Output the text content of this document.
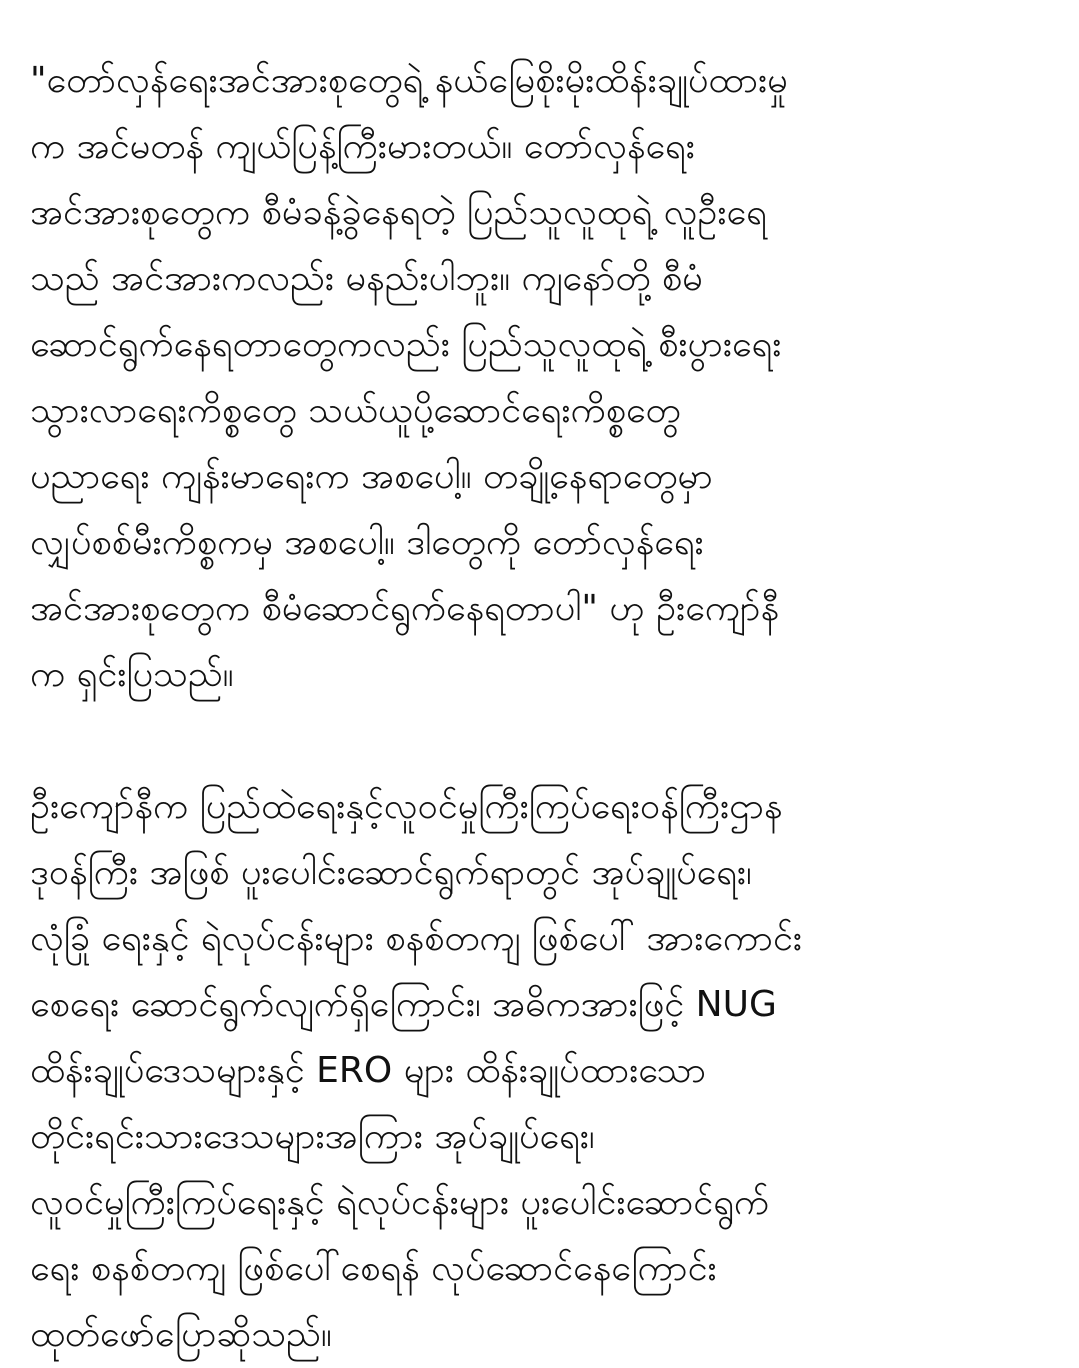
"တော်လှန်ရေးအင်အားစုတွေရဲ့ နယ်မြေစိုးမိုးထိန်းချုပ်ထားမှု
က အင်မတန် ကျယ်ပြန့်ကြီးမားတယ်။ တော်လှန်ရေး
အင်အားစုတွေက စီမံခန့်ခွဲနေရတဲ့ ပြည်သူလူထုရဲ့ လူဦးရေ
သည် အင်အားကလည်း မနည်းပါဘူး။ ကျနော်တို့ စီမံ
ဆောင်ရွက်နေရတာတွေကလည်း ပြည်သူလူထုရဲ့ စီးပွားရေး
သွားလာရေးကိစ္စတွေ သယ်ယူပို့ဆောင်ရေးကိစ္စတွေ
ပညာရေး ကျန်းမာရေးက အစပေါ့။ တချို့နေရာတွေမှာ
လျှပ်စစ်မီးကိစ္စကမှ အစပေါ့။ ဒါတွေကို တော်လှန်ရေး
အင်အားစုတွေက စီမံဆောင်ရွက်နေရတာပါ" ဟု ဦးကျော်နီ
က ရှင်းပြသည်။
ဦးကျော်နီက ပြည်ထဲရေးနှင့်လူဝင်မှုကြီးကြပ်ရေးဝန်ကြီးဌာန
ဒုဝန်ကြီး အဖြစ် ပူးပေါင်းဆောင်ရွက်ရာတွင် အုပ်ချုပ်ရေး၊
လုံခြုံ ရေးနှင့် ရဲလုပ်ငန်းများ စနစ်တကျ ဖြစ်ပေါ် အားကောင်း
စေရေး ဆောင်ရွက်လျက်ရှိကြောင်း၊ အဓိကအားဖြင့် NUG
ထိန်းချုပ်ဒေသများနှင့် ERO များ ထိန်းချုပ်ထားသော
တိုင်းရင်းသားဒေသများအကြား အုပ်ချုပ်ရေး၊
လူဝင်မှုကြီးကြပ်ရေးနှင့် ရဲလုပ်ငန်းများ ပူးပေါင်းဆောင်ရွက်
ရေး စနစ်တကျ ဖြစ်ပေါ်စေရန် လုပ်ဆောင်နေကြောင်း
ထုတ်ဖော်ပြောဆိုသည်။
